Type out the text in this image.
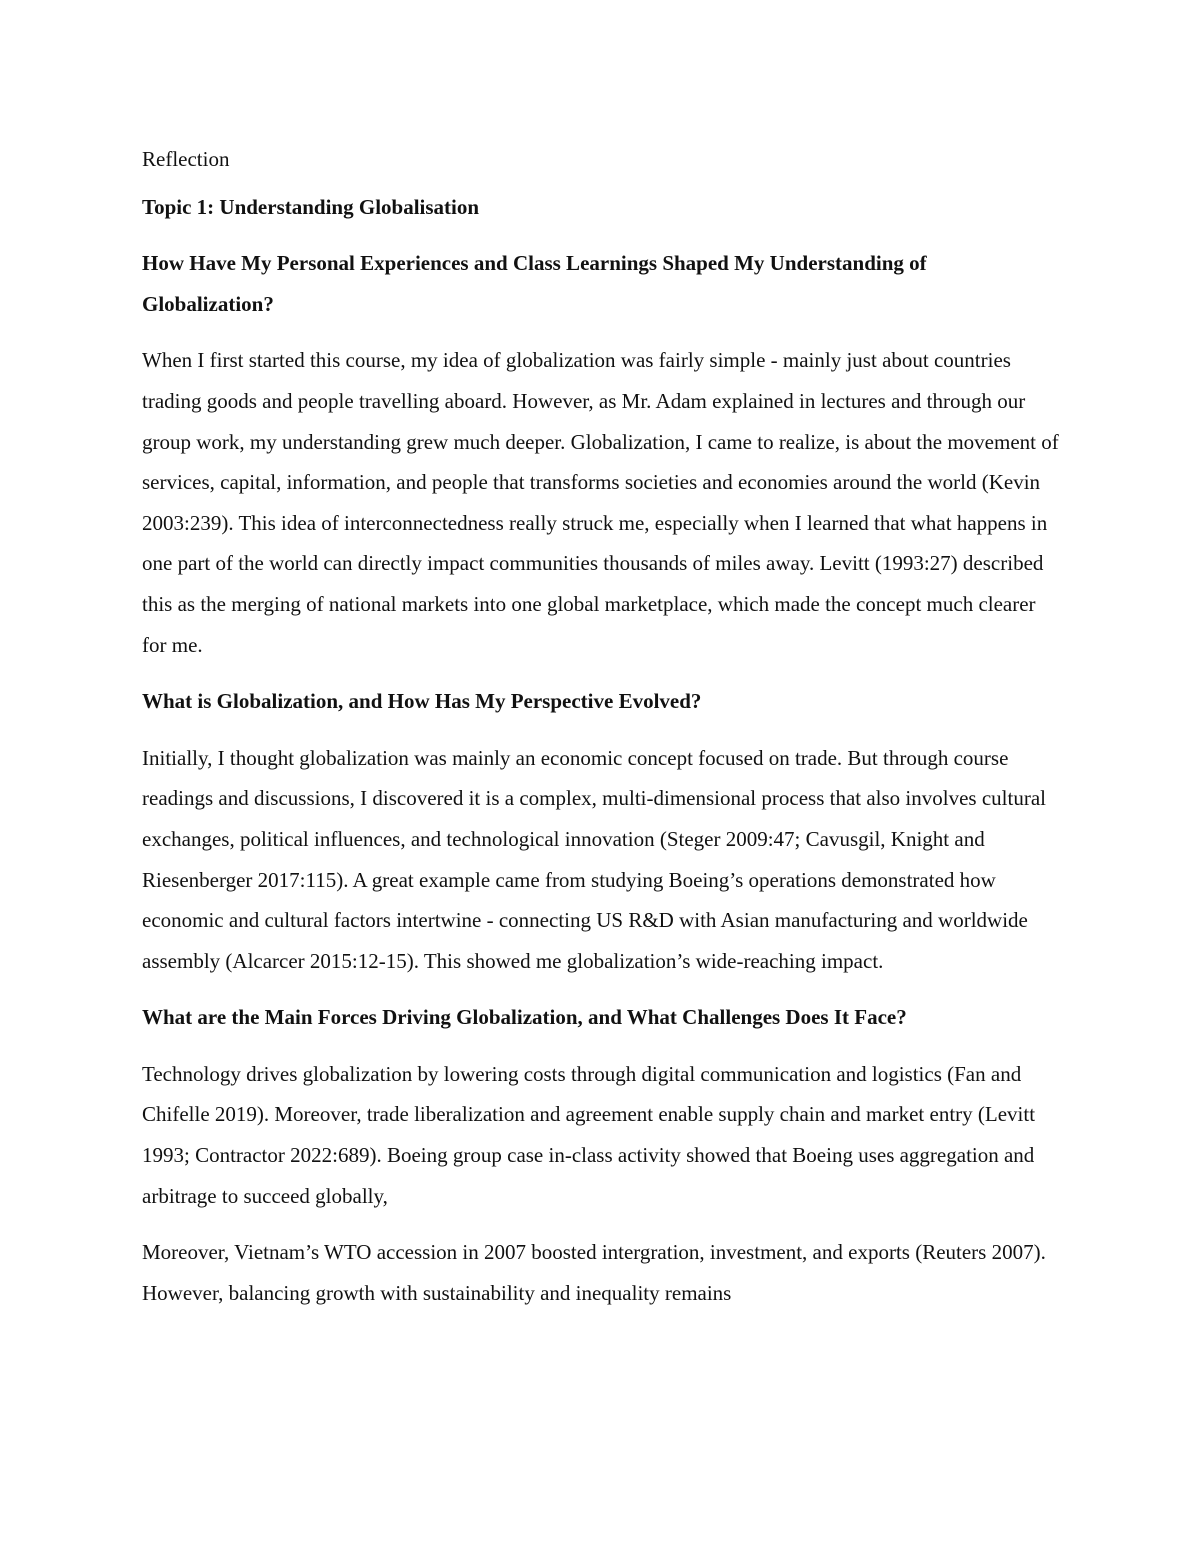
Reflection

Topic 1: Understanding Globalisation

How Have My Personal Experiences and Class Learnings Shaped My Understanding of Globalization?

When I first started this course, my idea of globalization was fairly simple - mainly just about countries trading goods and people travelling aboard. However, as Mr. Adam explained in lectures and through our group work, my understanding grew much deeper. Globalization, I came to realize, is about the movement of services, capital, information, and people that transforms societies and economies around the world (Kevin 2003:239). This idea of interconnectedness really struck me, especially when I learned that what happens in one part of the world can directly impact communities thousands of miles away. Levitt (1993:27) described this as the merging of national markets into one global marketplace, which made the concept much clearer for me.

What is Globalization, and How Has My Perspective Evolved?

Initially, I thought globalization was mainly an economic concept focused on trade. But through course readings and discussions, I discovered it is a complex, multi-dimensional process that also involves cultural exchanges, political influences, and technological innovation (Steger 2009:47; Cavusgil, Knight and Riesenberger 2017:115). A great example came from studying Boeing’s operations demonstrated how economic and cultural factors intertwine - connecting US R&D with Asian manufacturing and worldwide assembly (Alcarcer 2015:12-15). This showed me globalization’s wide-reaching impact.

What are the Main Forces Driving Globalization, and What Challenges Does It Face?

Technology drives globalization by lowering costs through digital communication and logistics (Fan and Chifelle 2019). Moreover, trade liberalization and agreement enable supply chain and market entry (Levitt 1993; Contractor 2022:689). Boeing group case in-class activity showed that Boeing uses aggregation and arbitrage to succeed globally,

Moreover, Vietnam’s WTO accession in 2007 boosted intergration, investment, and exports (Reuters 2007). However, balancing growth with sustainability and inequality remains
